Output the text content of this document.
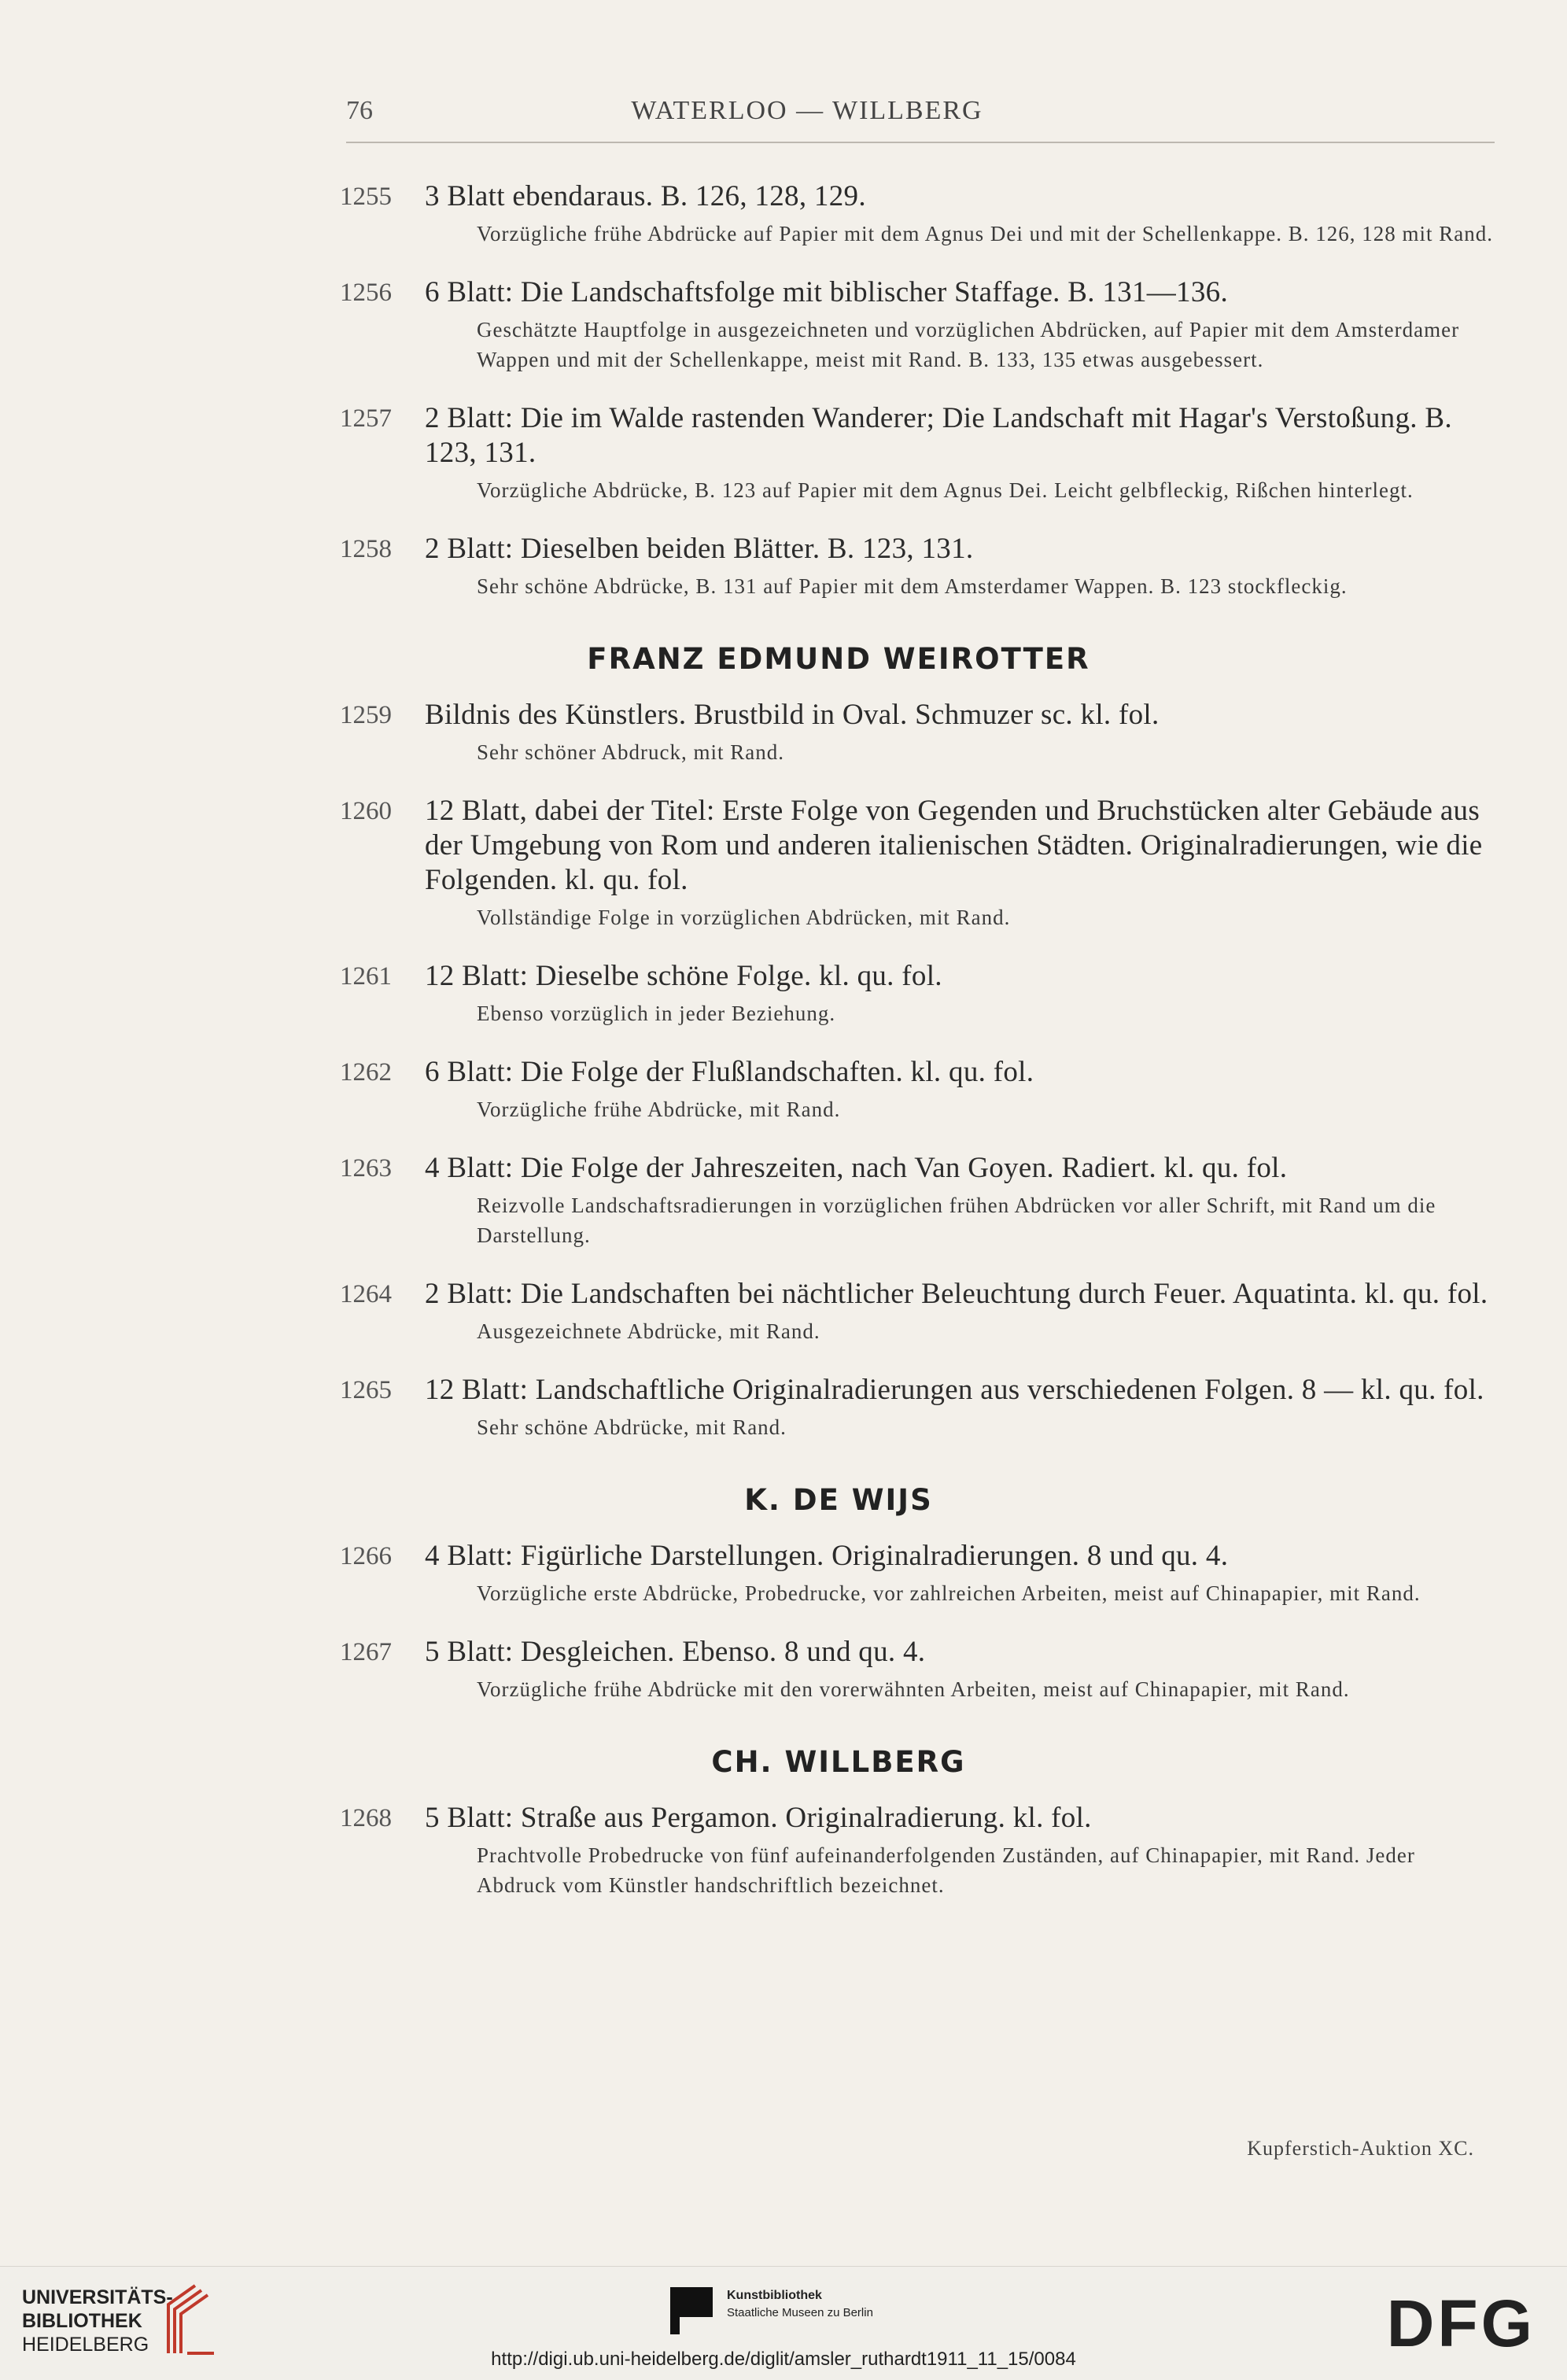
76	WATERLOO — WILLBERG
1255	3 Blatt ebendaraus. B. 126, 128, 129.
Vorzügliche frühe Abdrücke auf Papier mit dem Agnus Dei und mit der Schellenkappe. B. 126, 128 mit Rand.
1256	6 Blatt: Die Landschaftsfolge mit biblischer Staffage. B. 131—136.
Geschätzte Hauptfolge in ausgezeichneten und vorzüglichen Abdrücken, auf Papier mit dem Amsterdamer Wappen und mit der Schellenkappe, meist mit Rand. B. 133, 135 etwas ausgebessert.
1257	2 Blatt: Die im Walde rastenden Wanderer; Die Landschaft mit Hagar's Verstoßung. B. 123, 131.
Vorzügliche Abdrücke, B. 123 auf Papier mit dem Agnus Dei. Leicht gelbfleckig, Rißchen hinterlegt.
1258	2 Blatt: Dieselben beiden Blätter. B. 123, 131.
Sehr schöne Abdrücke, B. 131 auf Papier mit dem Amsterdamer Wappen. B. 123 stockfleckig.
FRANZ EDMUND WEIROTTER
1259	Bildnis des Künstlers. Brustbild in Oval. Schmuzer sc. kl. fol.
Sehr schöner Abdruck, mit Rand.
1260	12 Blatt, dabei der Titel: Erste Folge von Gegenden und Bruchstücken alter Gebäude aus der Umgebung von Rom und anderen italienischen Städten. Originalradierungen, wie die Folgenden. kl. qu. fol.
Vollständige Folge in vorzüglichen Abdrücken, mit Rand.
1261	12 Blatt: Dieselbe schöne Folge. kl. qu. fol.
Ebenso vorzüglich in jeder Beziehung.
1262	6 Blatt: Die Folge der Flußlandschaften. kl. qu. fol.
Vorzügliche frühe Abdrücke, mit Rand.
1263	4 Blatt: Die Folge der Jahreszeiten, nach Van Goyen. Radiert. kl. qu. fol.
Reizvolle Landschaftsradierungen in vorzüglichen frühen Abdrücken vor aller Schrift, mit Rand um die Darstellung.
1264	2 Blatt: Die Landschaften bei nächtlicher Beleuchtung durch Feuer. Aquatinta. kl. qu. fol.
Ausgezeichnete Abdrücke, mit Rand.
1265	12 Blatt: Landschaftliche Originalradierungen aus verschiedenen Folgen. 8 — kl. qu. fol.
Sehr schöne Abdrücke, mit Rand.
K. DE WIJS
1266	4 Blatt: Figürliche Darstellungen. Originalradierungen. 8 und qu. 4.
Vorzügliche erste Abdrücke, Probedrucke, vor zahlreichen Arbeiten, meist auf Chinapapier, mit Rand.
1267	5 Blatt: Desgleichen. Ebenso. 8 und qu. 4.
Vorzügliche frühe Abdrücke mit den vorerwähnten Arbeiten, meist auf Chinapapier, mit Rand.
CH. WILLBERG
1268	5 Blatt: Straße aus Pergamon. Originalradierung. kl. fol.
Prachtvolle Probedrucke von fünf aufeinanderfolgenden Zuständen, auf Chinapapier, mit Rand. Jeder Abdruck vom Künstler handschriftlich bezeichnet.
Kupferstich-Auktion XC.
UNIVERSITÄTS-
BIBLIOTHEK
HEIDELBERG
Kunstbibliothek
Staatliche Museen zu Berlin	DFG
http://digi.ub.uni-heidelberg.de/diglit/amsler_ruthardt1911_11_15/0084
